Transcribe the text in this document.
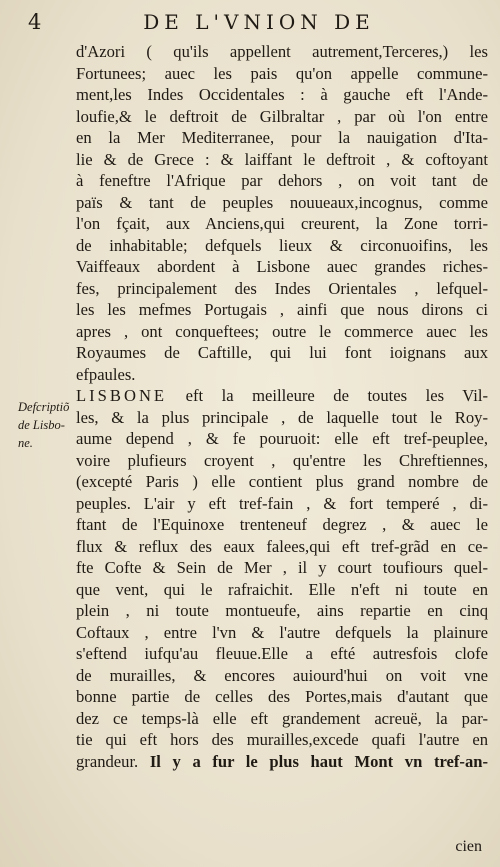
4	DE L'VNION DE
d'Azori ( qu'ils appellent autrement,Terceres,) les
Fortunees; auec les pais qu'on appelle commune-
ment,les Indes Occidentales : à gauche eft l'Ande-
loufie,& le deftroit de Gilbraltar , par où l'on entre
en la Mer Mediterranee, pour la nauigation d'Ita-
lie & de Grece : & laiffant le deftroit , & coftoyant
à feneftre l'Afrique par dehors , on voit tant de
païs & tant de peuples nouueaux,incognus, comme
l'on fçait, aux Anciens,qui creurent, la Zone torri-
de inhabitable; defquels lieux & circonuoifins, les
Vaiffeaux abordent à Lisbone auec grandes riches-
fes, principalement des Indes Orientales , lefquel-
les les mefmes Portugais , ainfi que nous dirons ci
apres , ont conqueftees; outre le commerce auec les
Royaumes de Caftille, qui lui font ioignans aux
efpaules.
LISBONE eft la meilleure de toutes les Vil-
les, & la plus principale , de laquelle tout le Roy-
aume depend , & fe pouruoit: elle eft tref-peuplee,
voire plufieurs croyent , qu'entre les Chreftiennes,
(excepté Paris ) elle contient plus grand nombre de
peuples. L'air y eft tref-fain , & fort temperé , di-
ftant de l'Equinoxe trenteneuf degrez , & auec le
flux & reflux des eaux falees,qui eft tref-grãd en ce-
fte Cofte & Sein de Mer , il y court toufiours quel-
que vent, qui le rafraichit. Elle n'eft ni toute en
plein , ni toute montueufe, ains repartie en cinq
Coftaux , entre l'vn & l'autre defquels la plainure
s'eftend iufqu'au fleuue.Elle a efté autresfois clofe
de murailles, & encores auiourd'hui on voit vne
bonne partie de celles des Portes,mais d'autant que
dez ce temps-là elle eft grandement acreuë, la par-
tie qui eft hors des murailles,excede quafi l'autre en
grandeur. Il y a fur le plus haut Mont vn tref-an-
Defcriptiõ
de Lisbo-
ne.
cien
